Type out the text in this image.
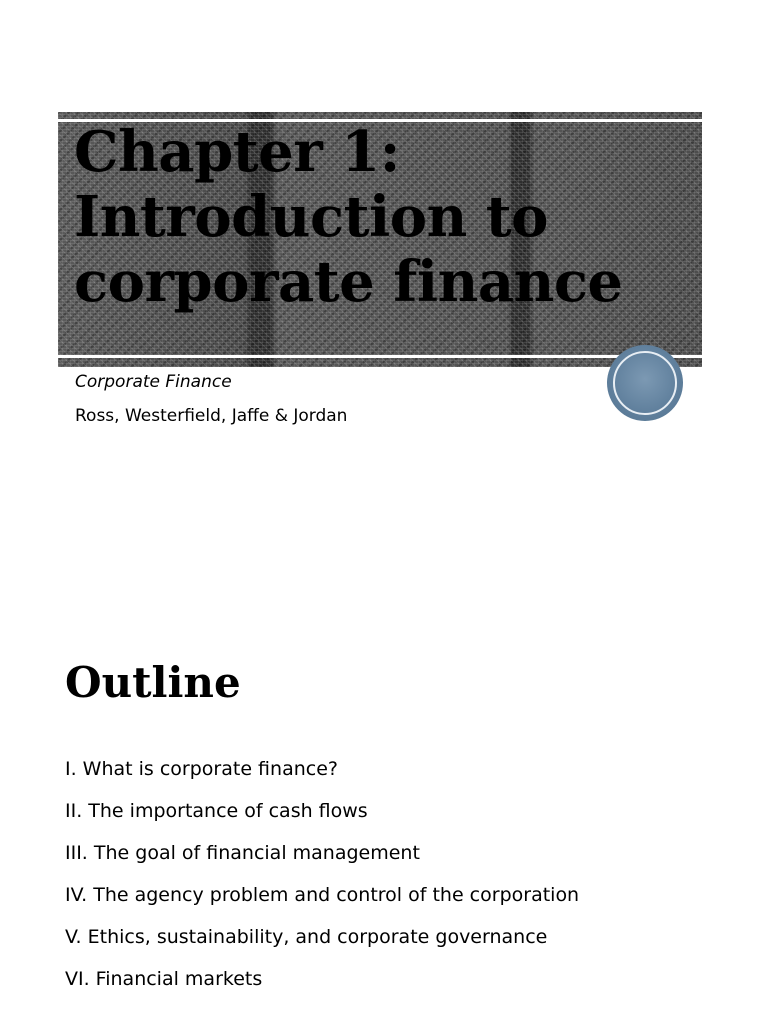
Chapter 1: Introduction to corporate finance

Corporate Finance

Ross, Westerfield, Jaffe & Jordan

Outline
I. What is corporate finance?
II. The importance of cash flows
III. The goal of financial management
IV. The agency problem and control of the corporation
V. Ethics, sustainability, and corporate governance
VI. Financial markets
